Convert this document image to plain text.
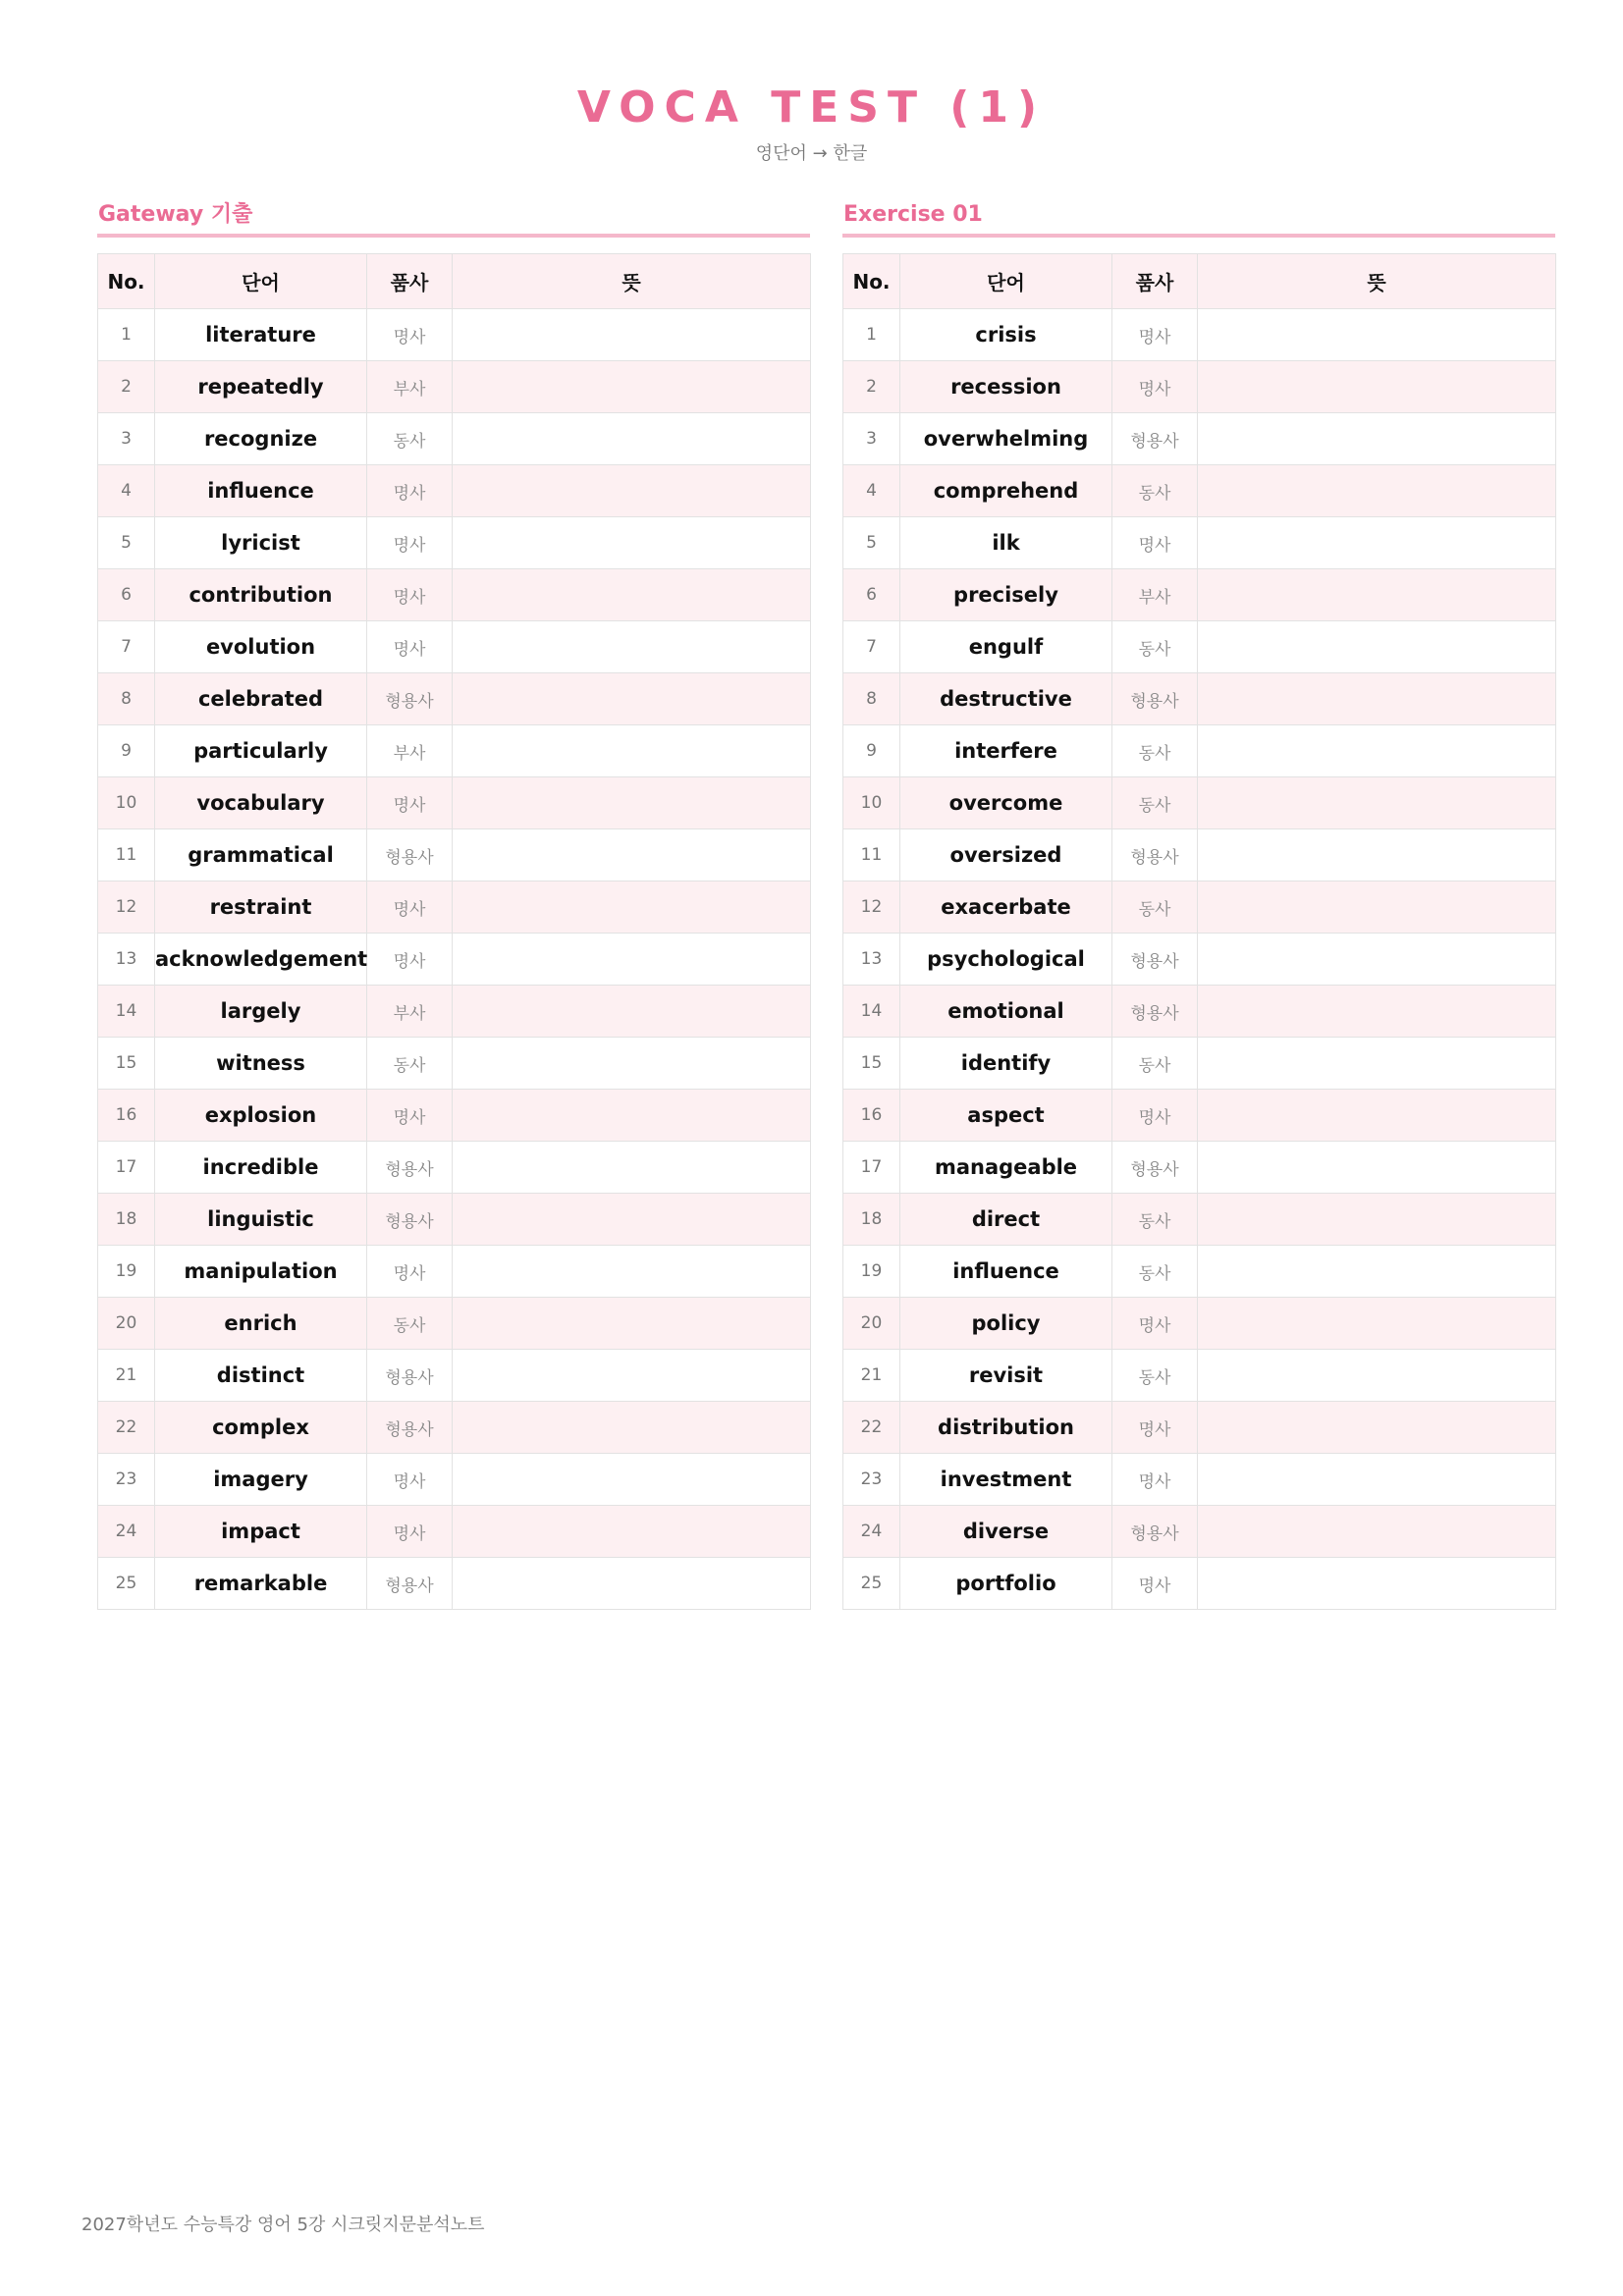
VOCA TEST (1)
영단어 → 한글
Gateway 기출
No.	단어	품사	뜻
1	literature	명사	
2	repeatedly	부사	
3	recognize	동사	
4	influence	명사	
5	lyricist	명사	
6	contribution	명사	
7	evolution	명사	
8	celebrated	형용사	
9	particularly	부사	
10	vocabulary	명사	
11	grammatical	형용사	
12	restraint	명사	
13	acknowledgement	명사	
14	largely	부사	
15	witness	동사	
16	explosion	명사	
17	incredible	형용사	
18	linguistic	형용사	
19	manipulation	명사	
20	enrich	동사	
21	distinct	형용사	
22	complex	형용사	
23	imagery	명사	
24	impact	명사	
25	remarkable	형용사	
Exercise 01
No.	단어	품사	뜻
1	crisis	명사	
2	recession	명사	
3	overwhelming	형용사	
4	comprehend	동사	
5	ilk	명사	
6	precisely	부사	
7	engulf	동사	
8	destructive	형용사	
9	interfere	동사	
10	overcome	동사	
11	oversized	형용사	
12	exacerbate	동사	
13	psychological	형용사	
14	emotional	형용사	
15	identify	동사	
16	aspect	명사	
17	manageable	형용사	
18	direct	동사	
19	influence	동사	
20	policy	명사	
21	revisit	동사	
22	distribution	명사	
23	investment	명사	
24	diverse	형용사	
25	portfolio	명사	
2027학년도 수능특강 영어 5강 시크릿지문분석노트
